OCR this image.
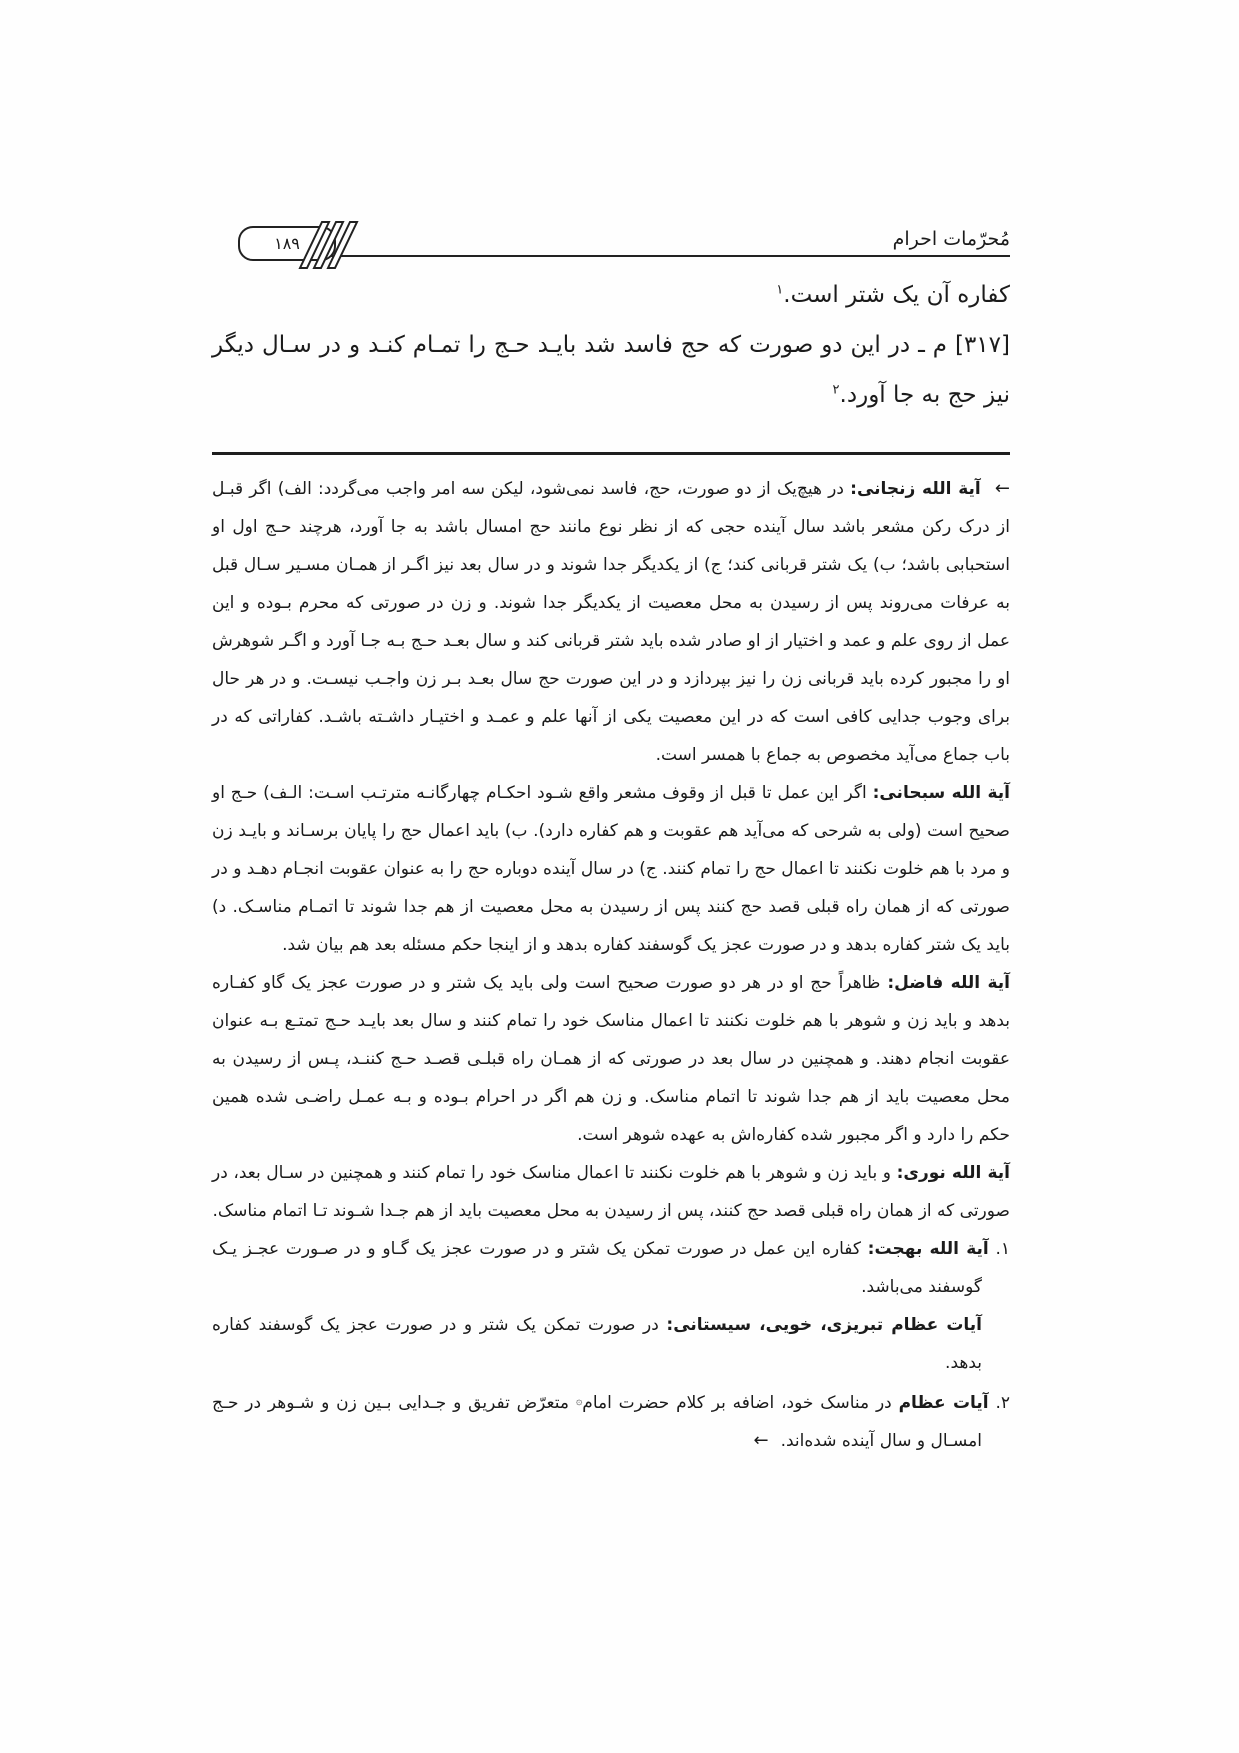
مُحرّمات احرام
۱۸۹

کفاره آن يک شتر است.$^۱$

[۳۱۷] م ـ در اين دو صورت که حج فاسد شد بايـد حـج را تمـام کنـد و در سـال ديگر نيز حج به جا آورد.$^۲$

← آية الله زنجانی: در هيچ‌يک از دو صورت، حج، فاسد نمی‌شود، ليکن سه امر واجب می‌گردد: الف) اگر قبـل از درک رکن مشعر باشد سال آينده حجی که از نظر نوع مانند حج امسال باشد به جا آورد، هرچند حـج اول او استحبابی باشد؛ ب) يک شتر قربانی کند؛ ج) از يکديگر جدا شوند و در سال بعد نيز اگـر از همـان مسـير سـال قبل به عرفات می‌روند پس از رسيدن به محل معصيت از يکديگر جدا شوند. و زن در صورتی که محرم بـوده و اين عمل از روی علم و عمد و اختيار از او صادر شده بايد شتر قربانی کند و سال بعـد حـج بـه جـا آورد و اگـر شوهرش او را مجبور کرده بايد قربانی زن را نيز بپردازد و در اين صورت حج سال بعـد بـر زن واجـب نيسـت. و در هر حال برای وجوب جدايی کافی است که در اين معصيت يکی از آنها علم و عمـد و اختيـار داشـته باشـد. کفاراتی که در باب جماع می‌آيد مخصوص به جماع با همسر است.

آية الله سبحانی: اگر اين عمل تا قبل از وقوف مشعر واقع شـود احکـام چهارگانـه مترتـب اسـت: الـف) حـج او صحيح است (ولی به شرحی که می‌آيد هم عقوبت و هم کفاره دارد). ب) بايد اعمال حج را پايان برسـاند و بايـد زن و مرد با هم خلوت نکنند تا اعمال حج را تمام کنند. ج) در سال آينده دوباره حج را به عنوان عقوبت انجـام دهـد و در صورتی که از همان راه قبلی قصد حج کنند پس از رسيدن به محل معصيت از هم جدا شوند تا اتمـام مناسـک. د) بايد يک شتر کفاره بدهد و در صورت عجز يک گوسفند کفاره بدهد و از اينجا حکم مسئله بعد هم بيان شد.

آية الله فاضل: ظاهراً حج او در هر دو صورت صحيح است ولی بايد يک شتر و در صورت عجز يک گاو کفـاره بدهد و بايد زن و شوهر با هم خلوت نکنند تا اعمال مناسک خود را تمام کنند و سال بعد بايـد حـج تمتـع بـه عنوان عقوبت انجام دهند. و همچنين در سال بعد در صورتی که از همـان راه قبلـی قصـد حـج کننـد، پـس از رسيدن به محل معصيت بايد از هم جدا شوند تا اتمام مناسک. و زن هم اگر در احرام بـوده و بـه عمـل راضـی شده همين حکم را دارد و اگر مجبور شده کفاره‌اش به عهده شوهر است.

آية الله نوری: و بايد زن و شوهر با هم خلوت نکنند تا اعمال مناسک خود را تمام کنند و همچنين در سـال بعد، در صورتی که از همان راه قبلی قصد حج کنند، پس از رسيدن به محل معصيت بايد از هم جـدا شـوند تـا اتمام مناسک.

۱. آية الله بهجت: کفاره اين عمل در صورت تمکن يک شتر و در صورت عجز يک گـاو و در صـورت عجـز يـک گوسفند می‌باشد.

آيات عظام تبريزی، خويی، سيستانی: در صورت تمکن يک شتر و در صورت عجز يک گوسفند کفاره بدهد.

۲. آيات عظام در مناسک خود، اضافه بر کلام حضرت امام۞ متعرّض تفريق و جـدايی بـين زن و شـوهر در حـج امسـال و سال آينده شده‌اند.←
